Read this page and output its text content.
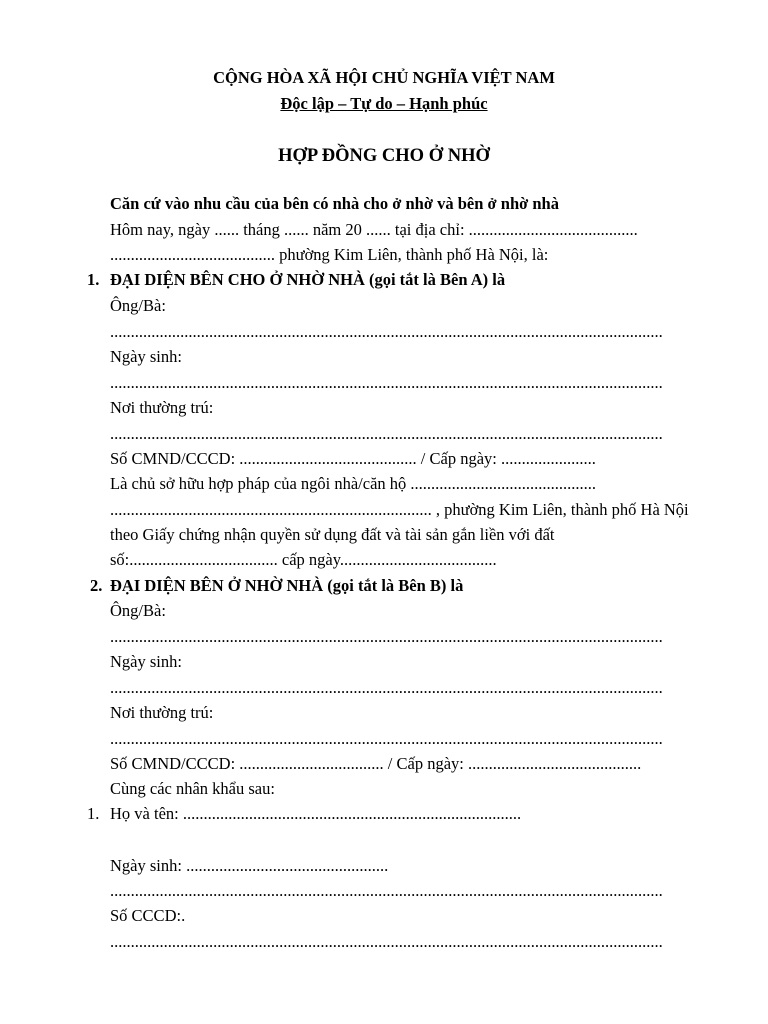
CỘNG HÒA XÃ HỘI CHỦ NGHĨA VIỆT NAM
Độc lập – Tự do – Hạnh phúc
HỢP ĐỒNG CHO Ở NHỜ
Căn cứ vào nhu cầu của bên có nhà cho ở nhờ và bên ở nhờ nhà
Hôm nay, ngày ...... tháng ...... năm 20 ...... tại địa chỉ: .........................................
........................................ phường Kim Liên, thành phố Hà Nội, là:
1. ĐẠI DIỆN BÊN CHO Ở NHỜ NHÀ (gọi tắt là Bên A) là
Ông/Bà:
......................................................................................................................................
Ngày sinh:
......................................................................................................................................
Nơi thường trú:
......................................................................................................................................
Số CMND/CCCD: ........................................... / Cấp ngày: .......................
Là chủ sở hữu hợp pháp của ngôi nhà/căn hộ .............................................
.............................................................................. , phường Kim Liên, thành phố Hà Nội
theo Giấy chứng nhận quyền sử dụng đất và tài sản gắn liền với đất
số:.................................... cấp ngày......................................
2. ĐẠI DIỆN BÊN Ở NHỜ NHÀ (gọi tắt là Bên B) là
Ông/Bà:
......................................................................................................................................
Ngày sinh:
......................................................................................................................................
Nơi thường trú:
......................................................................................................................................
Số CMND/CCCD: ................................... / Cấp ngày: ..........................................
Cùng các nhân khẩu sau:
1. Họ và tên: ..................................................................................
Ngày sinh: .................................................
......................................................................................................................................
Số CCCD:.
......................................................................................................................................
